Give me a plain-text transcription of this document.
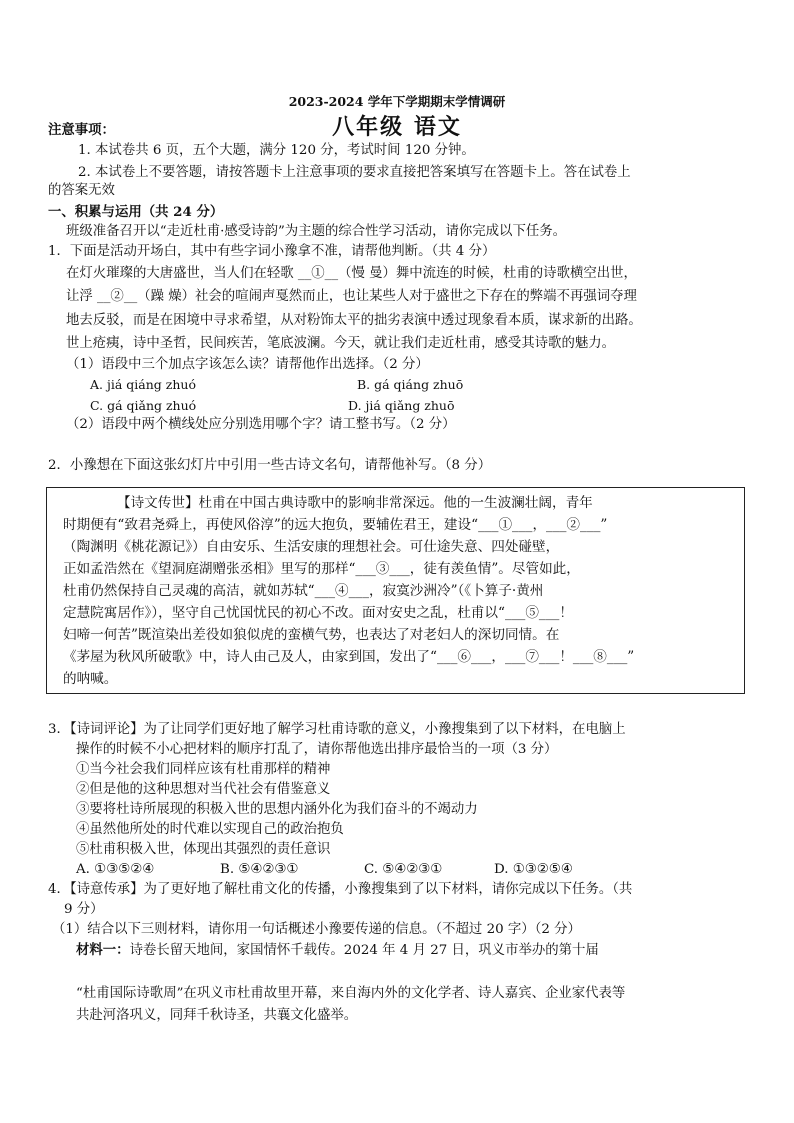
2023-2024 学年下学期期末学情调研
八年级 语文
注意事项：
1. 本试卷共 6 页，五个大题，满分 120 分，考试时间 120 分钟。
2. 本试卷上不要答题，请按答题卡上注意事项的要求直接把答案填写在答题卡上。答在试卷上
的答案无效
一、积累与运用（共 24 分）
班级准备召开以“走近杜甫·感受诗韵”为主题的综合性学习活动，请你完成以下任务。
1．下面是活动开场白，其中有些字词小豫拿不准，请帮他判断。（共 4 分）
在灯火璀璨的大唐盛世，当人们在轻歌 __①__（慢 曼）舞中流连的时候，杜甫的诗歌横空出世，
让浮 __②__（躁 燥）社会的喧闹声戛然而止，也让某些人对于盛世之下存在的弊端不再强词夺理
地去反驳，而是在困境中寻求希望，从对粉饰太平的拙劣表演中透过现象看本质，谋求新的出路。
世上疮痍，诗中圣哲，民间疾苦，笔底波澜。今天，就让我们走近杜甫，感受其诗歌的魅力。
（1）语段中三个加点字该怎么读？请帮他作出选择。（2 分）
A. jiá qiáng zhuó	B. gá qiáng zhuō
C. gá qiǎng zhuó	D. jiá qiǎng zhuō
（2）语段中两个横线处应分别选用哪个字？请工整书写。（2 分）
2．小豫想在下面这张幻灯片中引用一些古诗文名句，请帮他补写。（8 分）
【诗文传世】杜甫在中国古典诗歌中的影响非常深远。他的一生波澜壮阔，青年
时期便有“致君尧舜上，再使风俗淳”的远大抱负，要辅佐君王，建设“___①___，___②___”
（陶渊明《桃花源记》）自由安乐、生活安康的理想社会。可仕途失意、四处碰壁，
正如孟浩然在《望洞庭湖赠张丞相》里写的那样“___③___，徒有羡鱼情”。尽管如此，
杜甫仍然保持自己灵魂的高洁，就如苏轼“___④___，寂寞沙洲冷”（《卜算子·黄州
定慧院寓居作》），坚守自己忧国忧民的初心不改。面对安史之乱，杜甫以“___⑤___！
妇啼一何苦”既渲染出差役如狼似虎的蛮横气势，也表达了对老妇人的深切同情。在
《茅屋为秋风所破歌》中，诗人由己及人，由家到国，发出了“___⑥___，___⑦___！___⑧___”
的呐喊。
3．【诗词评论】为了让同学们更好地了解学习杜甫诗歌的意义，小豫搜集到了以下材料，在电脑上
操作的时候不小心把材料的顺序打乱了，请你帮他选出排序最恰当的一项（3 分）
①当今社会我们同样应该有杜甫那样的精神
②但是他的这种思想对当代社会有借鉴意义
③要将杜诗所展现的积极入世的思想内涵外化为我们奋斗的不竭动力
④虽然他所处的时代难以实现自己的政治抱负
⑤杜甫积极入世，体现出其强烈的责任意识
A. ①③⑤②④	B. ⑤④②③①	C. ⑤④②③①	D. ①③②⑤④
4．【诗意传承】为了更好地了解杜甫文化的传播，小豫搜集到了以下材料，请你完成以下任务。（共
9 分）
（1）结合以下三则材料，请你用一句话概述小豫要传递的信息。（不超过 20 字）（2 分）
材料一：诗卷长留天地间，家国情怀千载传。2024 年 4 月 27 日，巩义市举办的第十届
“杜甫国际诗歌周”在巩义市杜甫故里开幕，来自海内外的文化学者、诗人嘉宾、企业家代表等
共赴河洛巩义，同拜千秋诗圣，共襄文化盛举。
